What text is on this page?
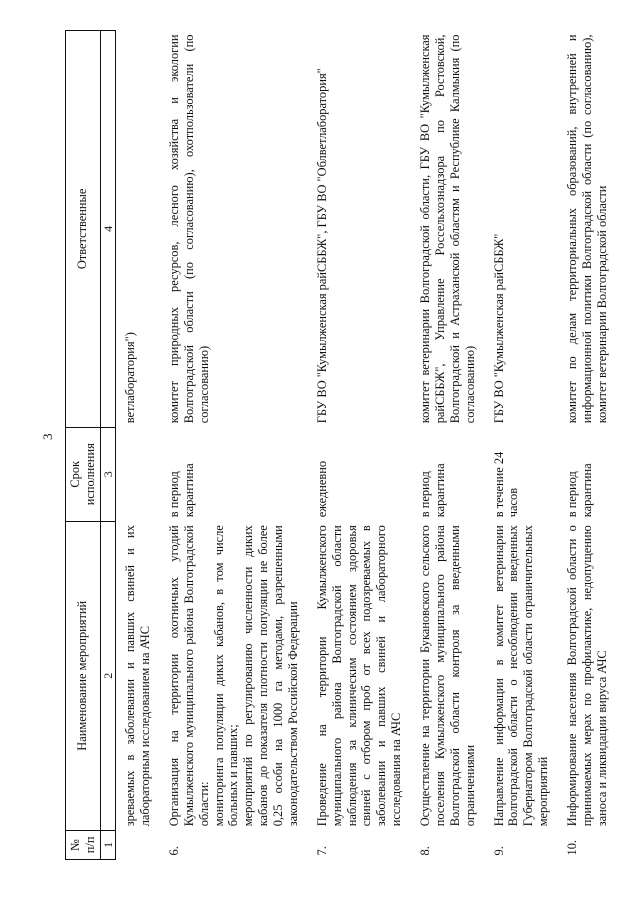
3
№ п/п	Наименование мероприятий	Срок исполнения	Ответственные
1	2	3	4
	зреваемых в заболевании и павших свиней и их лабораторным исследованием на АЧС		ветлаборатория")
6.	Организация на территории охотничьих угодий Кумылженского муниципального района Волгоградской области: мониторинга популяции диких кабанов, в том числе больных и павших; мероприятий по регулированию численности диких кабанов до показателя плотности популяции не более 0,25 особи на 1000 га методами, разрешенными законодательством Российской Федерации	в период карантина	комитет природных ресурсов, лесного хозяйства и экологии Волгоградской области (по согласованию), охотпользователи (по согласованию)
7.	Проведение на территории Кумылженского муниципального района Волгоградской области наблюдения за клиническим состоянием здоровья свиней с отбором проб от всех подозреваемых в заболевании и павших свиней и лабораторного исследования на АЧС	ежедневно	ГБУ ВО "Кумылженская райСББЖ", ГБУ ВО "Облветлаборатория"
8.	Осуществление на территории Букановского сельского поселения Кумылженского муниципального района Волгоградской области контроля за введенными ограничениями	в период карантина	комитет ветеринарии Волгоградской области, ГБУ ВО "Кумылженская райСББЖ", Управление Россельхознадзора по Ростовской, Волгоградской и Астраханской областям и Республике Калмыкия (по согласованию)
9.	Направление информации в комитет ветеринарии Волгоградской области о несоблюдении введенных Губернатором Волгоградской области ограничительных мероприятий	в течение 24 часов	ГБУ ВО "Кумылженская райСББЖ"
10.	Информирование населения Волгоградской области о принимаемых мерах по профилактике, недопущению заноса и ликвидации вируса АЧС	в период карантина	комитет по делам территориальных образований, внутренней и информационной политики Волгоградской области (по согласованию), комитет ветеринарии Волгоградской области
